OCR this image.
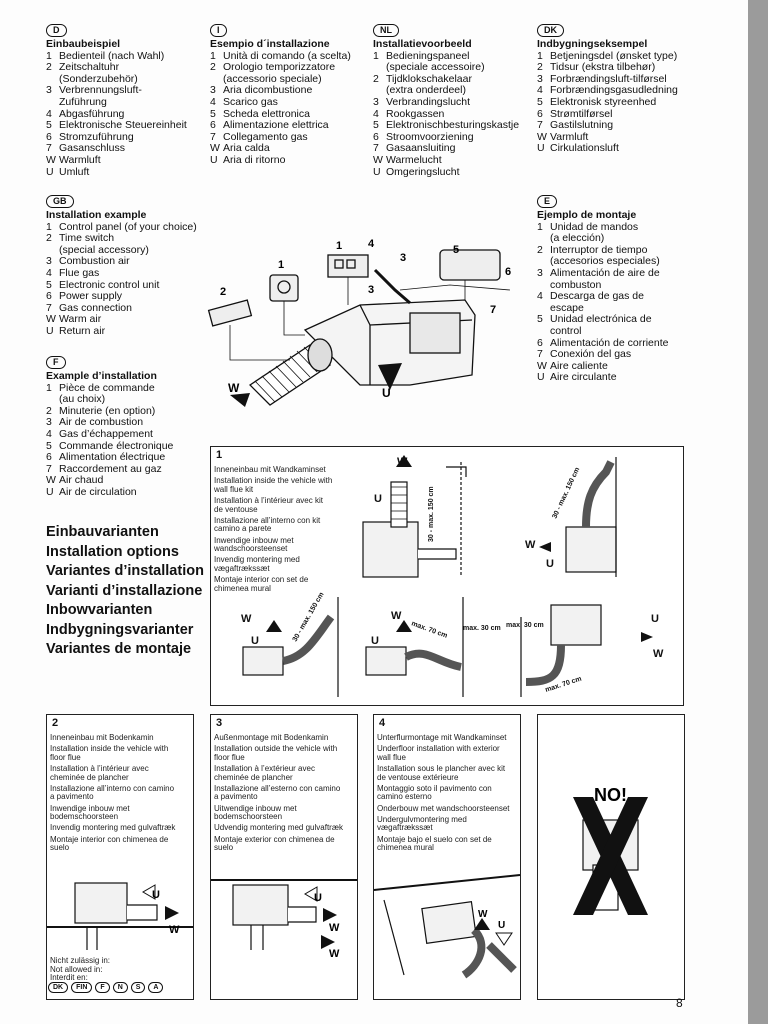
D
Einbaubeispiel
1 Bedienteil (nach Wahl)
2 Zeitschaltuhr
(Sonderzubehör)
3 Verbrennungsluft-
Zuführung
4 Abgasführung
5 Elektronische Steuereinheit
6 Stromzuführung
7 Gasanschluss
W Warmluft
U Umluft
I
Esempio d´installazione
1 Unità di comando (a scelta)
2 Orologio temporizzatore
(accessorio speciale)
3 Aria dicombustione
4 Scarico gas
5 Scheda elettronica
6 Alimentazione elettrica
7 Collegamento gas
W Aria calda
U Aria di ritorno
NL
Installatievoorbeeld
1 Bedieningspaneel
(speciale accessoire)
2 Tijdklokschakelaar
(extra onderdeel)
3 Verbrandingslucht
4 Rookgassen
5 Elektronischbesturingskastje
6 Stroomvoorziening
7 Gasaansluiting
W Warmelucht
U Omgeringslucht
DK
Indbygningseksempel
1 Betjeningsdel (ønsket type)
2 Tidsur (ekstra tilbehør)
3 Forbrændingsluft-tilførsel
4 Forbrændingsgasudledning
5 Elektronisk styreenhed
6 Strømtilførsel
7 Gastilslutning
W Varmluft
U Cirkulationsluft
GB
Installation example
1 Control panel (of your choice)
2 Time switch
(special accessory)
3 Combustion air
4 Flue gas
5 Electronic control unit
6 Power supply
7 Gas connection
W Warm air
U Return air
E
Ejemplo de montaje
1 Unidad de mandos
(a elección)
2 Interruptor de tiempo
(accesorios especiales)
3 Alimentación de aire de
combuston
4 Descarga de gas de
escape
5 Unidad electrónica de
control
6 Alimentación de corriente
7 Conexión del gas
W Aire caliente
U Aire circulante
F
Example d’installation
1 Pièce de commande
(au choix)
2 Minuterie (en option)
3 Air de combustion
4 Gas d’échappement
5 Commande électronique
6 Alimentation électrique
7 Raccordement au gaz
W Air chaud
U Air de circulation
1 4	5
1
3
6
2	3
7
W	U
Einbauvarianten
Installation options
Variantes d’installation
Varianti d’installazione
Inbowvarianten
Indbygningsvarianter
Variantes de montaje
1
Inneneinbau mit Wandkaminset
Installation inside the vehicle with wall flue kit
Installation à l’intérieur avec kit de ventouse
Installazione all’interno con kit camino a parete
Inwendige inbouw met wandschoorsteenset
Invendig montering med vægaftrækssæt
Montaje interior con set de chimenea mural
W
U
W
U
W
U
W
U
U
W
30 - max. 150 cm	30 - max. 150 cm
30 - max. 150 cm	max. 70 cm max. 30 cm max. 30 cm
max. 70 cm
2
Inneneinbau mit Bodenkamin
Installation inside the vehicle with floor flue
Installation à l’intérieur avec cheminée de plancher
Installazione all’interno con camino a pavimento
Inwendige inbouw met bodemschoorsteen
Invendig montering med gulvaftræk
Montaje interior con chimenea de suelo
U
W
Nicht zulässig in:
Not allowed in:
Interdit en:
DK	FIN	F	N	S	A
3
Außenmontage mit Bodenkamin
Installation outside the vehicle with floor flue
Installation à l’extérieur avec cheminée de plancher
Installazione all’esterno con camino a pavimento
Uitwendige inbouw met bodemschoorsteen
Udvendig montering med gulvaftræk
Montaje exterior con chimenea de suelo
U
W
W
4
Unterflurmontage mit Wandkaminset
Underfloor installation with exterior wall flue
Installation sous le plancher avec kit de ventouse extérieure
Montaggio soto il pavimento con camino esterno
Onderbouw met wandschoorsteenset
Undergulvmontering med vægaftrækssæt
Montaje bajo el suelo con set de chimenea mural
W
U
NO!
8
